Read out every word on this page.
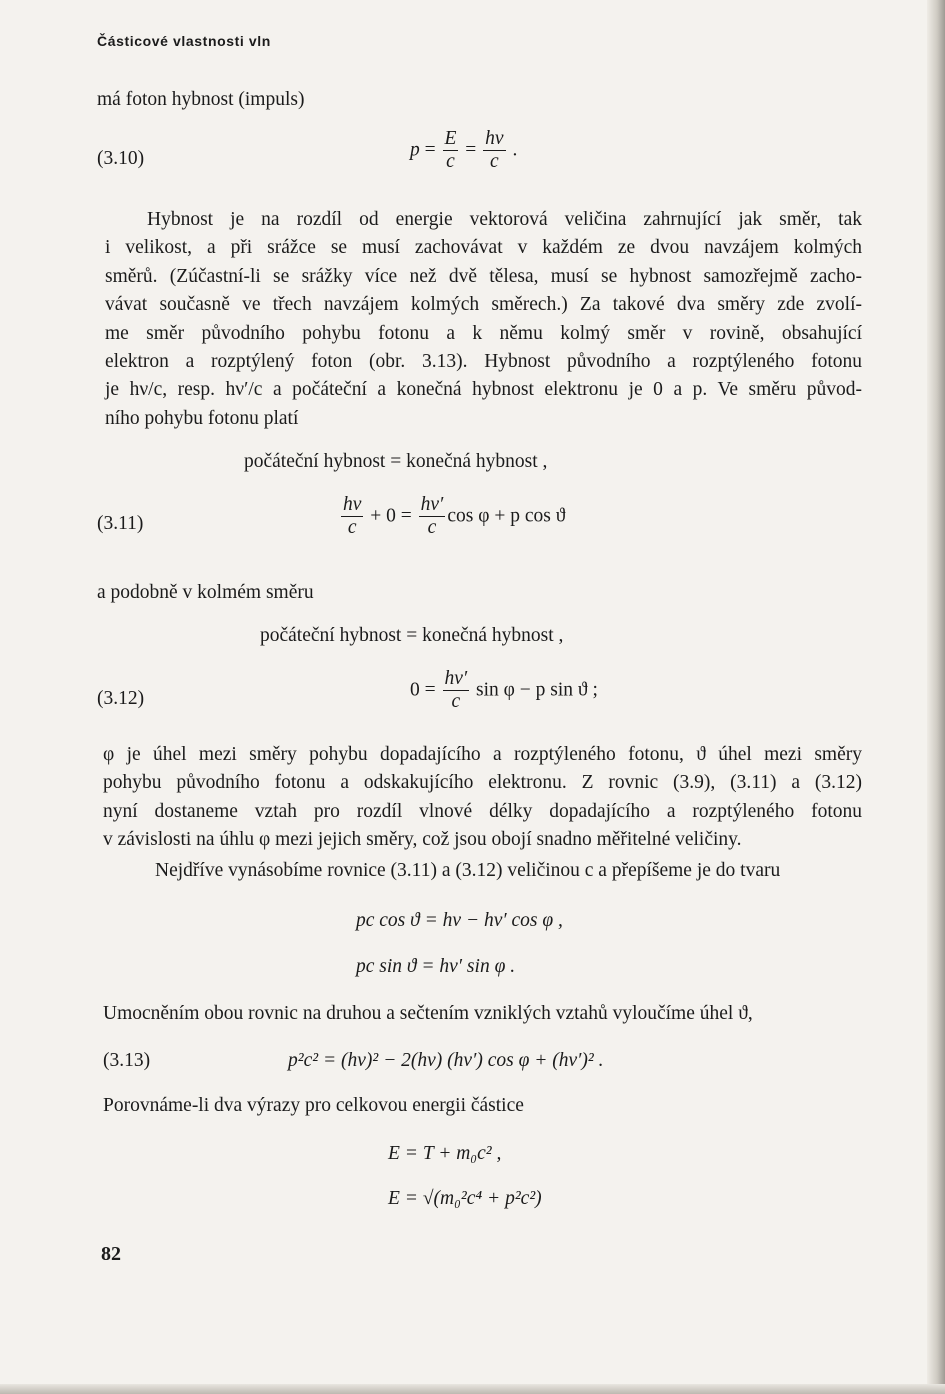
Částicové vlastnosti vln
má foton hybnost (impuls)
(3.10)	$p = \frac{E}{c} = \frac{h\nu}{c}$ .
Hybnost je na rozdíl od energie vektorová veličina zahrnující jak směr, tak
i velikost, a při srážce se musí zachovávat v každém ze dvou navzájem kolmých
směrů. (Zúčastní-li se srážky více než dvě tělesa, musí se hybnost samozřejmě zacho-
vávat současně ve třech navzájem kolmých směrech.) Za takové dva směry zde zvolí-
me směr původního pohybu fotonu a k němu kolmý směr v rovině, obsahující
elektron a rozptýlený foton (obr. 3.13). Hybnost původního a rozptýleného fotonu
je hν/c, resp. hν′/c a počáteční a konečná hybnost elektronu je 0 a p. Ve směru původ-
ního pohybu fotonu platí
počáteční hybnost = konečná hybnost ,
(3.11)	$\frac{h\nu}{c} + 0 = \frac{h\nu'}{c}$ cos φ + p cos ϑ
a podobně v kolmém směru
počáteční hybnost = konečná hybnost ,
(3.12)	$0 = \frac{h\nu'}{c}$ sin φ − p sin ϑ ;
φ je úhel mezi směry pohybu dopadajícího a rozptýleného fotonu, ϑ úhel mezi směry
pohybu původního fotonu a odskakujícího elektronu. Z rovnic (3.9), (3.11) a (3.12)
nyní dostaneme vztah pro rozdíl vlnové délky dopadajícího a rozptýleného fotonu
v závislosti na úhlu φ mezi jejich směry, což jsou obojí snadno měřitelné veličiny.
Nejdříve vynásobíme rovnice (3.11) a (3.12) veličinou c a přepíšeme je do tvaru
pc cos ϑ = hν − hν′ cos φ ,
pc sin ϑ = hν′ sin φ .
Umocněním obou rovnic na druhou a sečtením vzniklých vztahů vyloučíme úhel ϑ,
(3.13)	p²c² = (hν)² − 2(hν) (hν′) cos φ + (hν′)² .
Porovnáme-li dva výrazy pro celkovou energii částice
E = T + m₀c² ,
E = √(m₀²c⁴ + p²c²)
82
